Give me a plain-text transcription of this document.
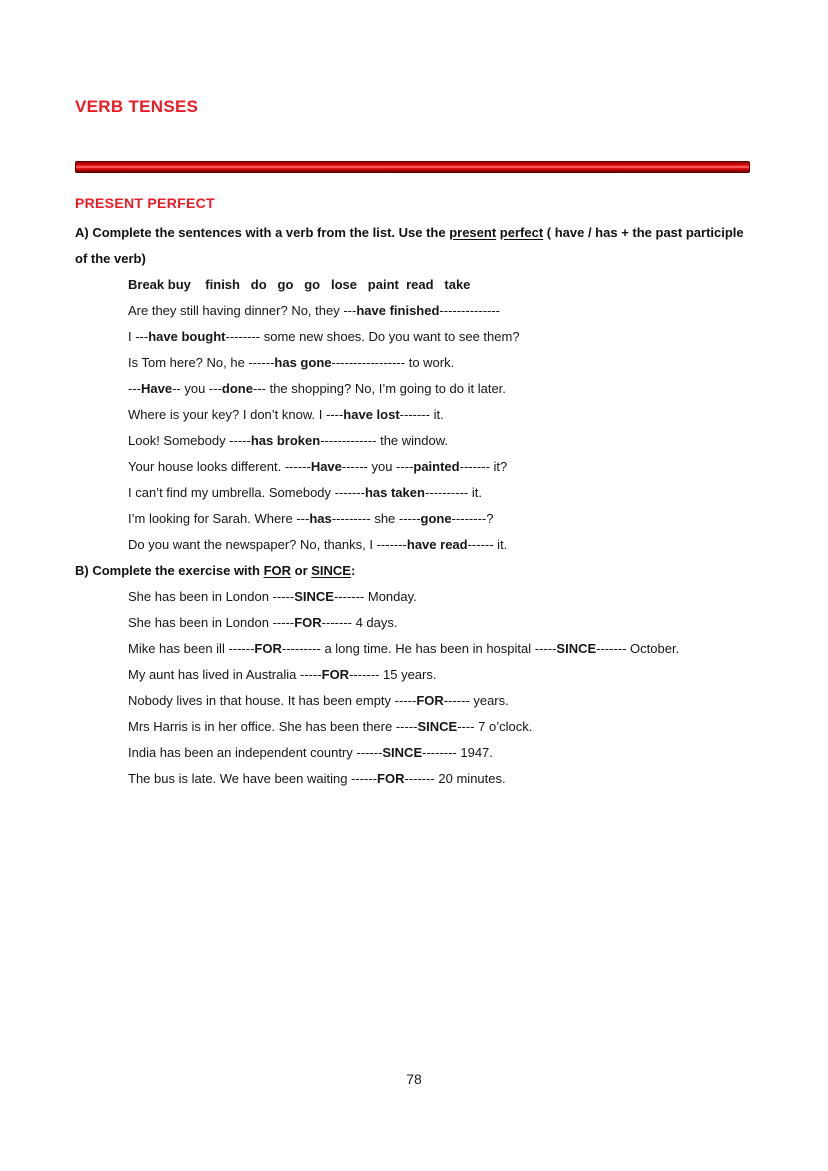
VERB TENSES
PRESENT PERFECT

A) Complete the sentences with a verb from the list. Use the present perfect ( have / has + the past participle of the verb)

Break buy    finish   do   go   go   lose   paint  read   take

Are they still having dinner? No, they ---have finished--------------

I ---have bought-------- some new shoes. Do you want to see them?

Is Tom here? No, he ------has gone----------------- to work.

---Have-- you ---done--- the shopping? No, I’m going to do it later.

Where is your key? I don’t know. I ----have lost------- it.

Look! Somebody -----has broken------------- the window.

Your house looks different. ------Have------ you ----painted------- it?

I can’t find my umbrella. Somebody -------has taken---------- it.

I’m looking for Sarah. Where ---has--------- she -----gone--------?

Do you want the newspaper? No, thanks, I -------have read------ it.

B) Complete the exercise with FOR or SINCE:

She has been in London -----SINCE------- Monday.

She has been in London -----FOR------- 4 days.

Mike has been ill ------FOR--------- a long time. He has been in hospital -----SINCE------- October.

My aunt has lived in Australia -----FOR------- 15 years.

Nobody lives in that house. It has been empty -----FOR------ years.

Mrs Harris is in her office. She has been there -----SINCE---- 7 o’clock.

India has been an independent country ------SINCE-------- 1947.

The bus is late. We have been waiting ------FOR------- 20 minutes.

78
